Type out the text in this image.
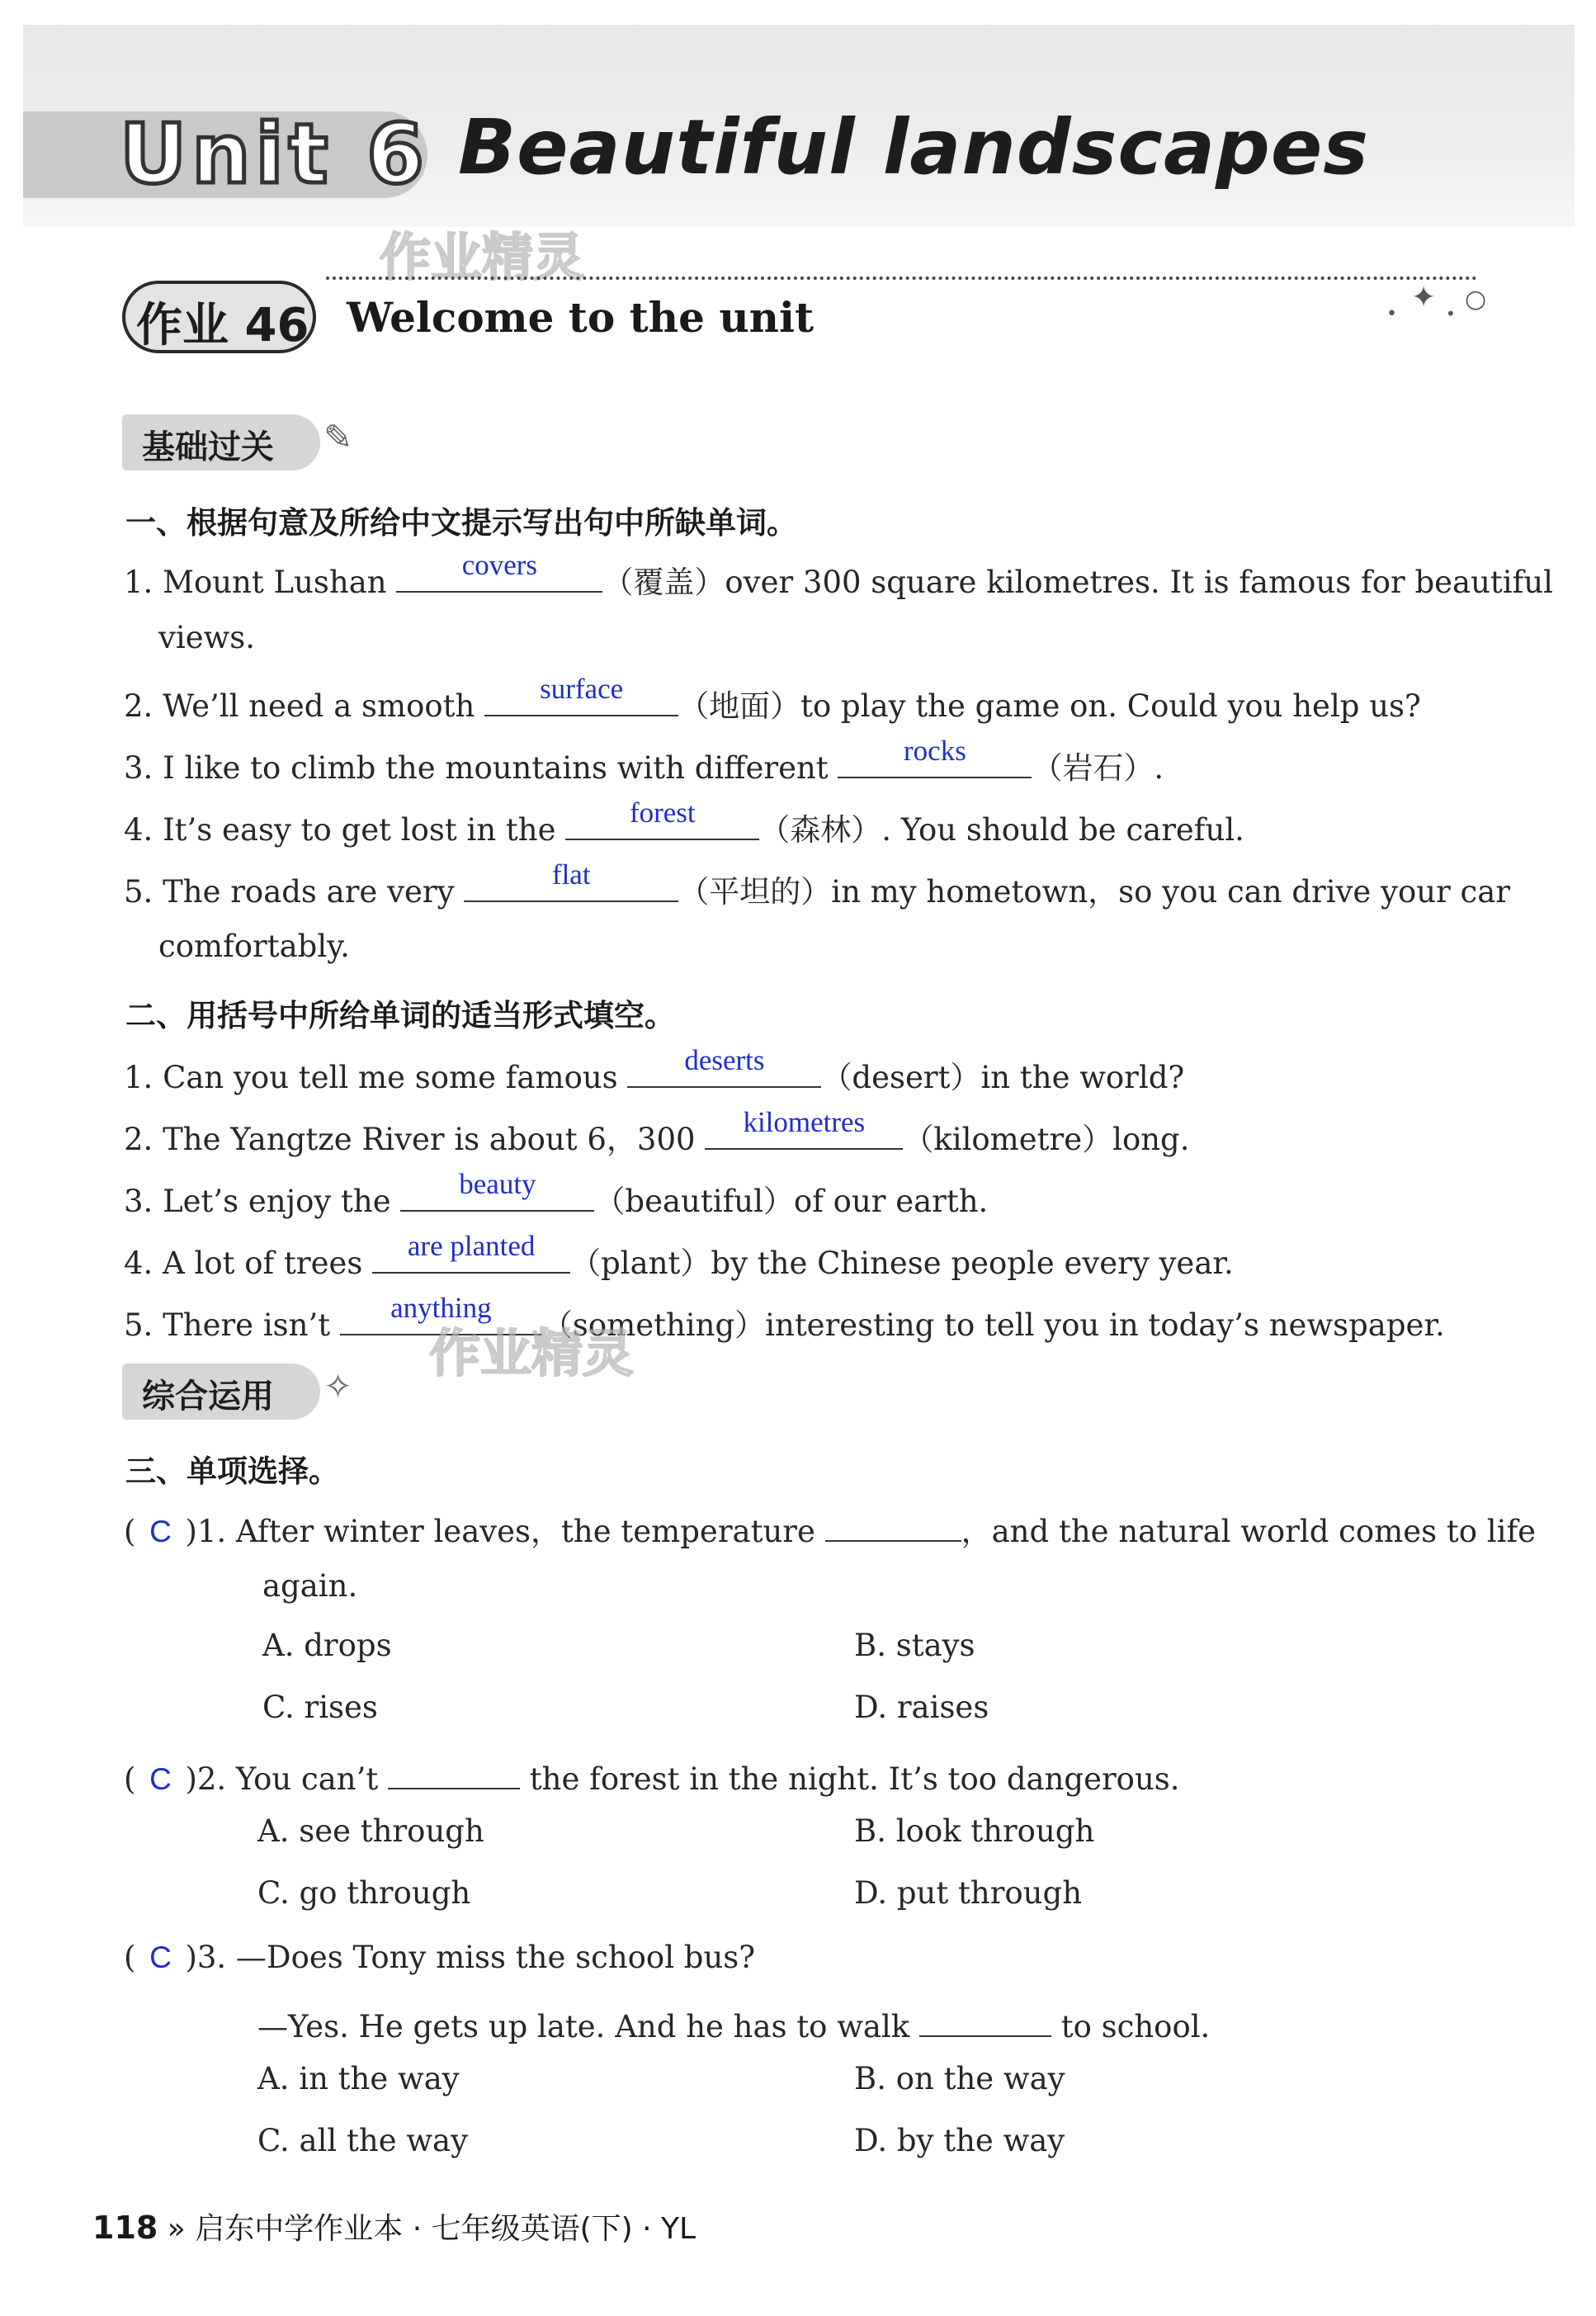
Unit 6 Beautiful landscapes
作业精灵
作业 46 Welcome to the unit	• ✦ • ○
基础过关	✎
一、根据句意及所给中文提示写出句中所缺单词。
1. Mount Lushan	covers	（覆盖）over 300 square kilometres. It is famous for beautiful
views.
2. We’ll need a smooth	surface	（地面）to play the game on. Could you help us?
3. I like to climb the mountains with different	rocks	（岩石）.
4. It’s easy to get lost in the	forest	（森林）. You should be careful.
5. The roads are very	flat	（平坦的）in my hometown，so you can drive your car
comfortably.
二、用括号中所给单词的适当形式填空。
1. Can you tell me some famous	deserts	（desert）in the world?
2. The Yangtze River is about 6，300	kilometres	（kilometre）long.
3. Let’s enjoy the	beauty	（beautiful）of our earth.
4. A lot of trees	are planted	（plant）by the Chinese people every year.
5. There isn’t	anything	（something）interesting to tell you in today’s newspaper.
作业精灵
综合运用	✧
三、单项选择。
( C )1. After winter leaves，the temperature	，and the natural world comes to life
again.
A. drops	B. stays
C. rises	D. raises
( C )2. You can’t	the forest in the night. It’s too dangerous.
A. see through	B. look through
C. go through	D. put through
( C )3. —Does Tony miss the school bus?
—Yes. He gets up late. And he has to walk	to school.
A. in the way	B. on the way
C. all the way	D. by the way
118 » 启东中学作业本 · 七年级英语(下) · YL
